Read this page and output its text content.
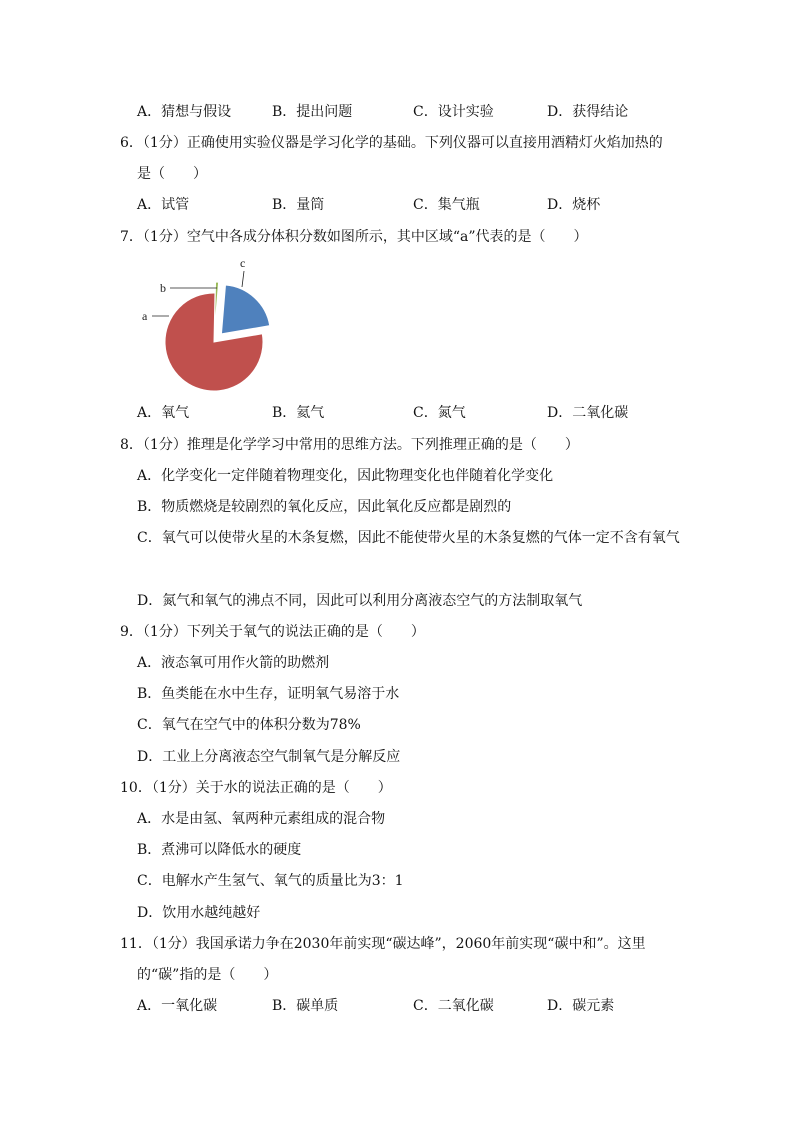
A．猜想与假设	B．提出问题	C．设计实验	D．获得结论
6．（1分）正确使用实验仪器是学习化学的基础。下列仪器可以直接用酒精灯火焰加热的
是（　　）
A．试管	B．量筒	C．集气瓶	D．烧杯
7．（1分）空气中各成分体积分数如图所示，其中区域“a”代表的是（　　）
b
c
a
A．氧气	B．氦气	C．氮气	D．二氧化碳
8．（1分）推理是化学学习中常用的思维方法。下列推理正确的是（　　）
A．化学变化一定伴随着物理变化，因此物理变化也伴随着化学变化
B．物质燃烧是较剧烈的氧化反应，因此氧化反应都是剧烈的
C．氧气可以使带火星的木条复燃，因此不能使带火星的木条复燃的气体一定不含有氧气
D．氮气和氧气的沸点不同，因此可以利用分离液态空气的方法制取氧气
9．（1分）下列关于氧气的说法正确的是（　　）
A．液态氧可用作火箭的助燃剂
B．鱼类能在水中生存，证明氧气易溶于水
C．氧气在空气中的体积分数为78%
D．工业上分离液态空气制氧气是分解反应
10．（1分）关于水的说法正确的是（　　）
A．水是由氢、氧两种元素组成的混合物
B．煮沸可以降低水的硬度
C．电解水产生氢气、氧气的质量比为3：1
D．饮用水越纯越好
11．（1分）我国承诺力争在2030年前实现“碳达峰”，2060年前实现“碳中和”。这里
的“碳”指的是（　　）
A．一氧化碳	B．碳单质	C．二氧化碳	D．碳元素
